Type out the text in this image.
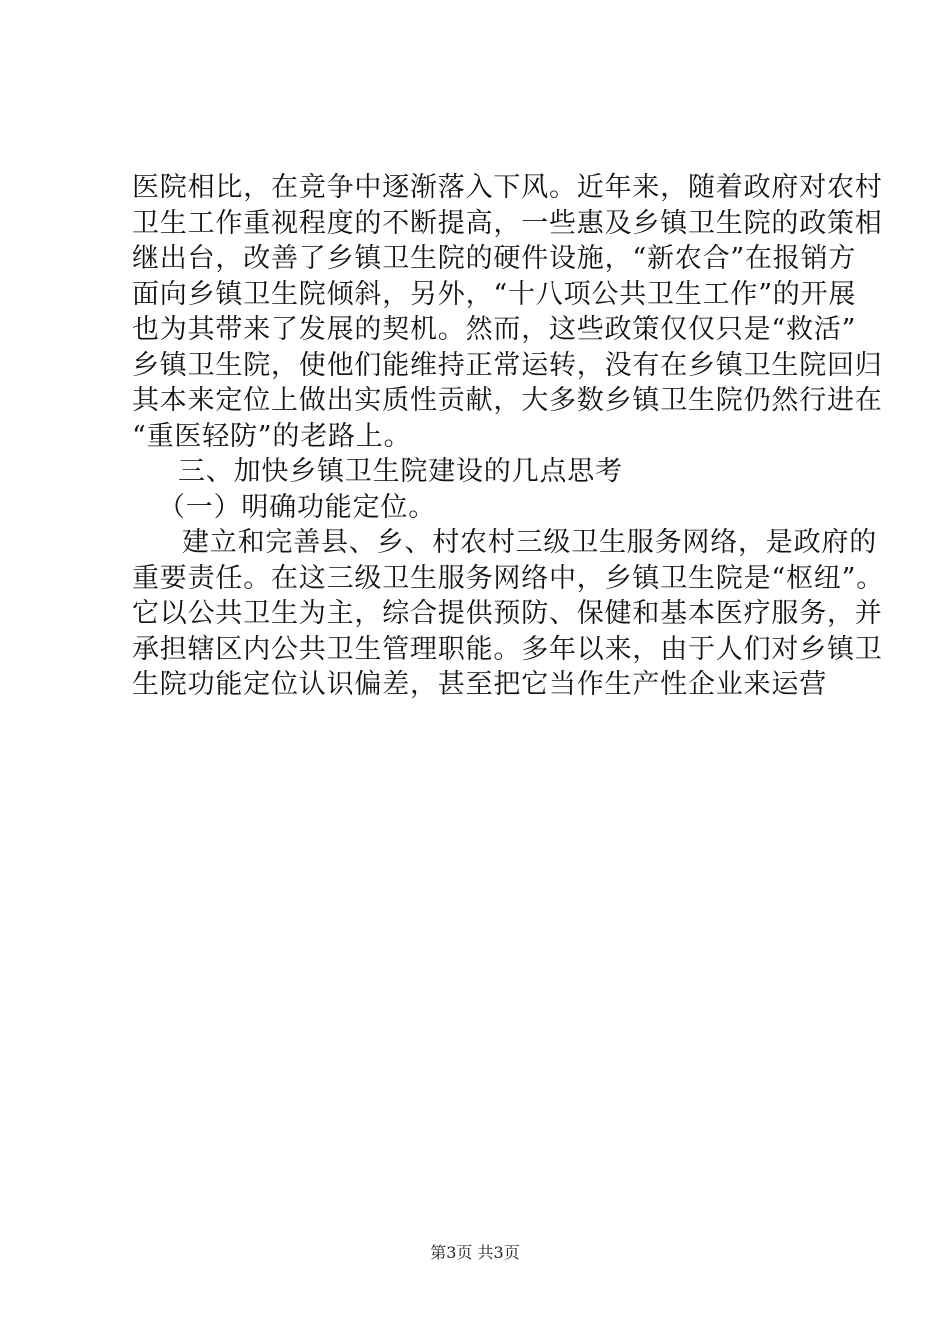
医院相比，在竞争中逐渐落入下风。近年来，随着政府对农村
卫生工作重视程度的不断提高，一些惠及乡镇卫生院的政策相
继出台，改善了乡镇卫生院的硬件设施，“新农合”在报销方
面向乡镇卫生院倾斜，另外，“十八项公共卫生工作”的开展
也为其带来了发展的契机。然而，这些政策仅仅只是“救活”
乡镇卫生院，使他们能维持正常运转，没有在乡镇卫生院回归
其本来定位上做出实质性贡献，大多数乡镇卫生院仍然行进在
“重医轻防”的老路上。
三、加快乡镇卫生院建设的几点思考
（一）明确功能定位。
建立和完善县、乡、村农村三级卫生服务网络，是政府的
重要责任。在这三级卫生服务网络中，乡镇卫生院是“枢纽”。
它以公共卫生为主，综合提供预防、保健和基本医疗服务，并
承担辖区内公共卫生管理职能。多年以来，由于人们对乡镇卫
生院功能定位认识偏差，甚至把它当作生产性企业来运营
第3页 共3页
